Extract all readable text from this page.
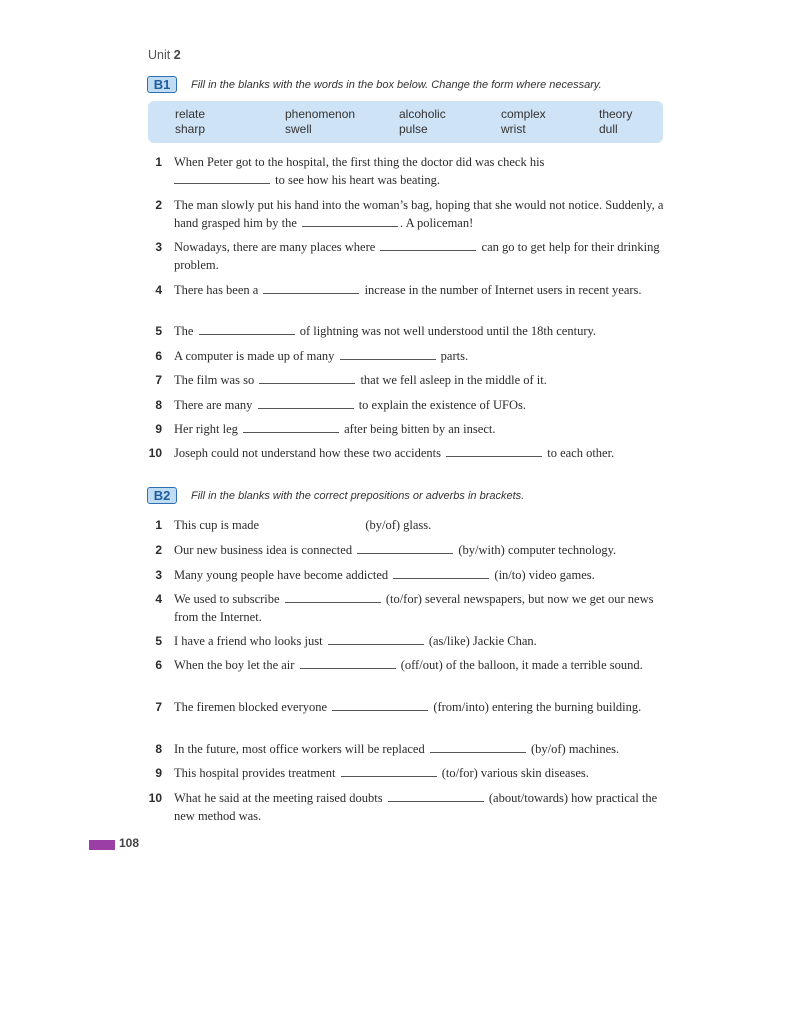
Unit 2
B1	Fill in the blanks with the words in the box below. Change the form where necessary.
relate	phenomenon	alcoholic	complex	theory
sharp	swell	pulse	wrist	dull
1 When Peter got to the hospital, the first thing the doctor did was check his
to see how his heart was beating.
2 The man slowly put his hand into the woman’s bag, hoping that she would not notice. Suddenly, a hand grasped him by the	. A policeman!
3 Nowadays, there are many places where	can go to get help for their drinking problem.
4 There has been a	increase in the number of Internet users in recent years.
5 The	of lightning was not well understood until the 18th century.
6 A computer is made up of many	parts.
7 The film was so	that we fell asleep in the middle of it.
8 There are many	to explain the existence of UFOs.
9 Her right leg	after being bitten by an insect.
10 Joseph could not understand how these two accidents	to each other.
B2	Fill in the blanks with the correct prepositions or adverbs in brackets.
1 This cup is made	(by/of) glass.
2 Our new business idea is connected	(by/with) computer technology.
3 Many young people have become addicted	(in/to) video games.
4 We used to subscribe	(to/for) several newspapers, but now we get our news from the Internet.
5 I have a friend who looks just	(as/like) Jackie Chan.
6 When the boy let the air	(off/out) of the balloon, it made a terrible sound.
7 The firemen blocked everyone	(from/into) entering the burning building.
8 In the future, most office workers will be replaced	(by/of) machines.
9 This hospital provides treatment	(to/for) various skin diseases.
10 What he said at the meeting raised doubts	(about/towards) how practical the new method was.
108
